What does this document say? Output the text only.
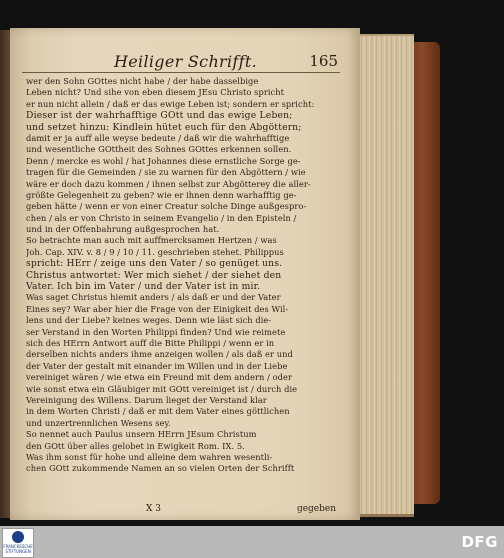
Heiliger Schrifft.	165
wer den Sohn GOttes nicht habe / der habe dasselbige
Leben nicht? Und sihe von eben diesem JEsu Christo spricht
er nun nicht allein / daß er das ewige Leben ist; sondern er spricht:
Dieser ist der wahrhafftige GOtt und das ewige Leben;
und setzet hinzu: Kindlein hütet euch für den Abgöttern;
damit er ja auff alle weyse bedeute / daß wir die wahrhafftige
und wesentliche GOttheit des Sohnes GOttes erkennen sollen.
Denn / mercke es wohl / hat Johannes diese ernstliche Sorge ge-
tragen für die Gemeinden / sie zu warnen für den Abgöttern / wie
wäre er doch dazu kommen / ihnen selbst zur Abgötterey die aller-
größte Gelegenheit zu geben? wie er ihnen denn warhafftig ge-
geben hätte / wenn er von einer Creatur solche Dinge außgespro-
chen / als er von Christo in seinem Evangelio / in den Episteln /
und in der Offenbahrung außgesprochen hat.
So betrachte man auch mit auffmercksamen Hertzen / was
Joh. Cap. XIV. v. 8 / 9 / 10 / 11. geschrieben stehet. Philippus
spricht: HErr / zeige uns den Vater / so genüget uns.
Christus antwortet: Wer mich siehet / der siehet den
Vater. Ich bin im Vater / und der Vater ist in mir.
Was saget Christus hiemit anders / als daß er und der Vater
Eines sey? War aber hier die Frage von der Einigkeit des Wil-
lens und der Liebe? keines weges. Denn wie läst sich die-
ser Verstand in den Worten Philippi finden? Und wie reimete
sich des HErrn Antwort auff die Bitte Philippi / wenn er in
derselben nichts anders ihme anzeigen wollen / als daß er und
der Vater der gestalt mit einander im Willen und in der Liebe
vereiniget wären / wie etwa ein Freund mit dem andern / oder
wie sonst etwa ein Gläubiger mit GOtt vereiniget ist / durch die
Vereinigung des Willens. Darum lieget der Verstand klar
in dem Worten Christi / daß er mit dem Vater eines göttlichen
und unzertrennlichen Wesens sey.
So nennet auch Paulus unsern HErrn JEsum Christum
den GOtt über alles gelobet in Ewigkeit Rom. IX. 5.
Was ihm sonst für hohe und alleine dem wahren wesentli-
chen GOtt zukommende Namen an so vielen Orten der Schrifft
X 3	gegeben
FRANCKESCHE STIFTUNGEN
DFG
